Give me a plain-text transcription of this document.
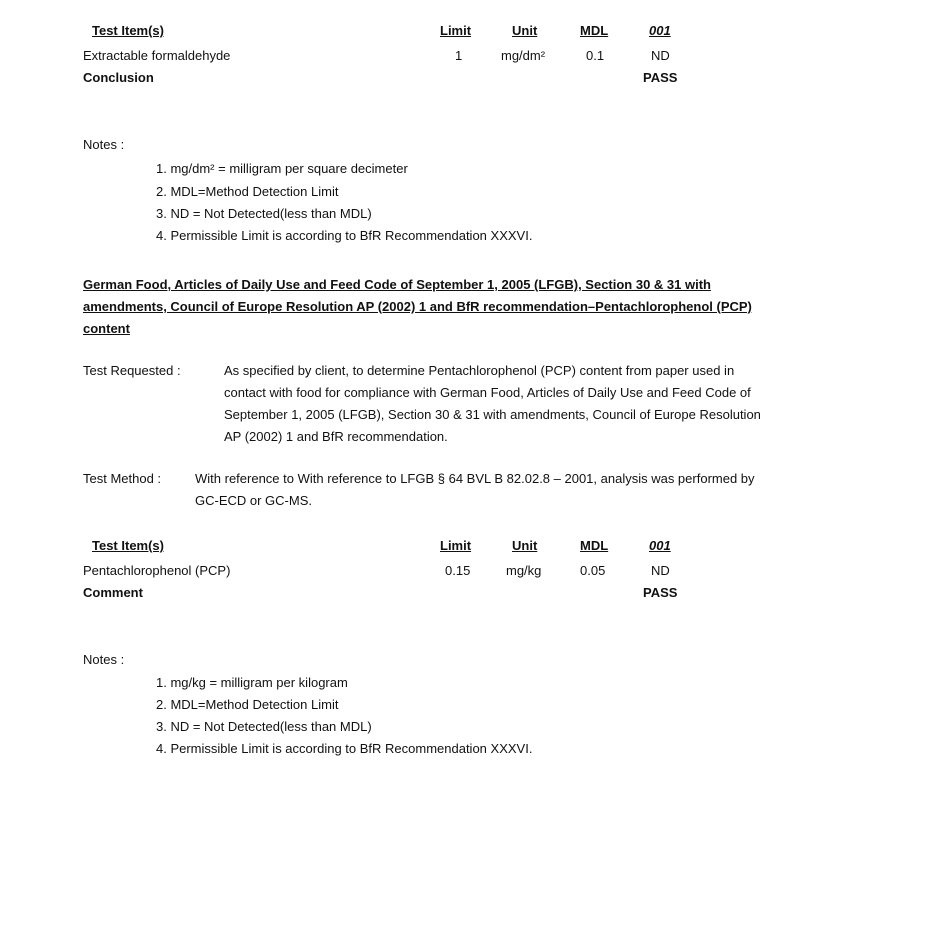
Test Item(s)	Limit	Unit	MDL	001
Extractable formaldehyde	1	mg/dm²	0.1	ND
Conclusion	PASS
Notes :
1. mg/dm² = milligram per square decimeter
2. MDL=Method Detection Limit
3. ND = Not Detected(less than MDL)
4. Permissible Limit is according to BfR Recommendation XXXVI.
German Food, Articles of Daily Use and Feed Code of September 1, 2005 (LFGB), Section 30 & 31 with
amendments, Council of Europe Resolution AP (2002) 1 and BfR recommendation–Pentachlorophenol (PCP)
content
Test Requested :	As specified by client, to determine Pentachlorophenol (PCP) content from paper used in
contact with food for compliance with German Food, Articles of Daily Use and Feed Code of
September 1, 2005 (LFGB), Section 30 & 31 with amendments, Council of Europe Resolution
AP (2002) 1 and BfR recommendation.
Test Method :	With reference to With reference to LFGB § 64 BVL B 82.02.8 – 2001, analysis was performed by
GC-ECD or GC-MS.
Test Item(s)	Limit	Unit	MDL	001
Pentachlorophenol (PCP)	0.15	mg/kg	0.05	ND
Comment	PASS
Notes :
1. mg/kg = milligram per kilogram
2. MDL=Method Detection Limit
3. ND = Not Detected(less than MDL)
4. Permissible Limit is according to BfR Recommendation XXXVI.
